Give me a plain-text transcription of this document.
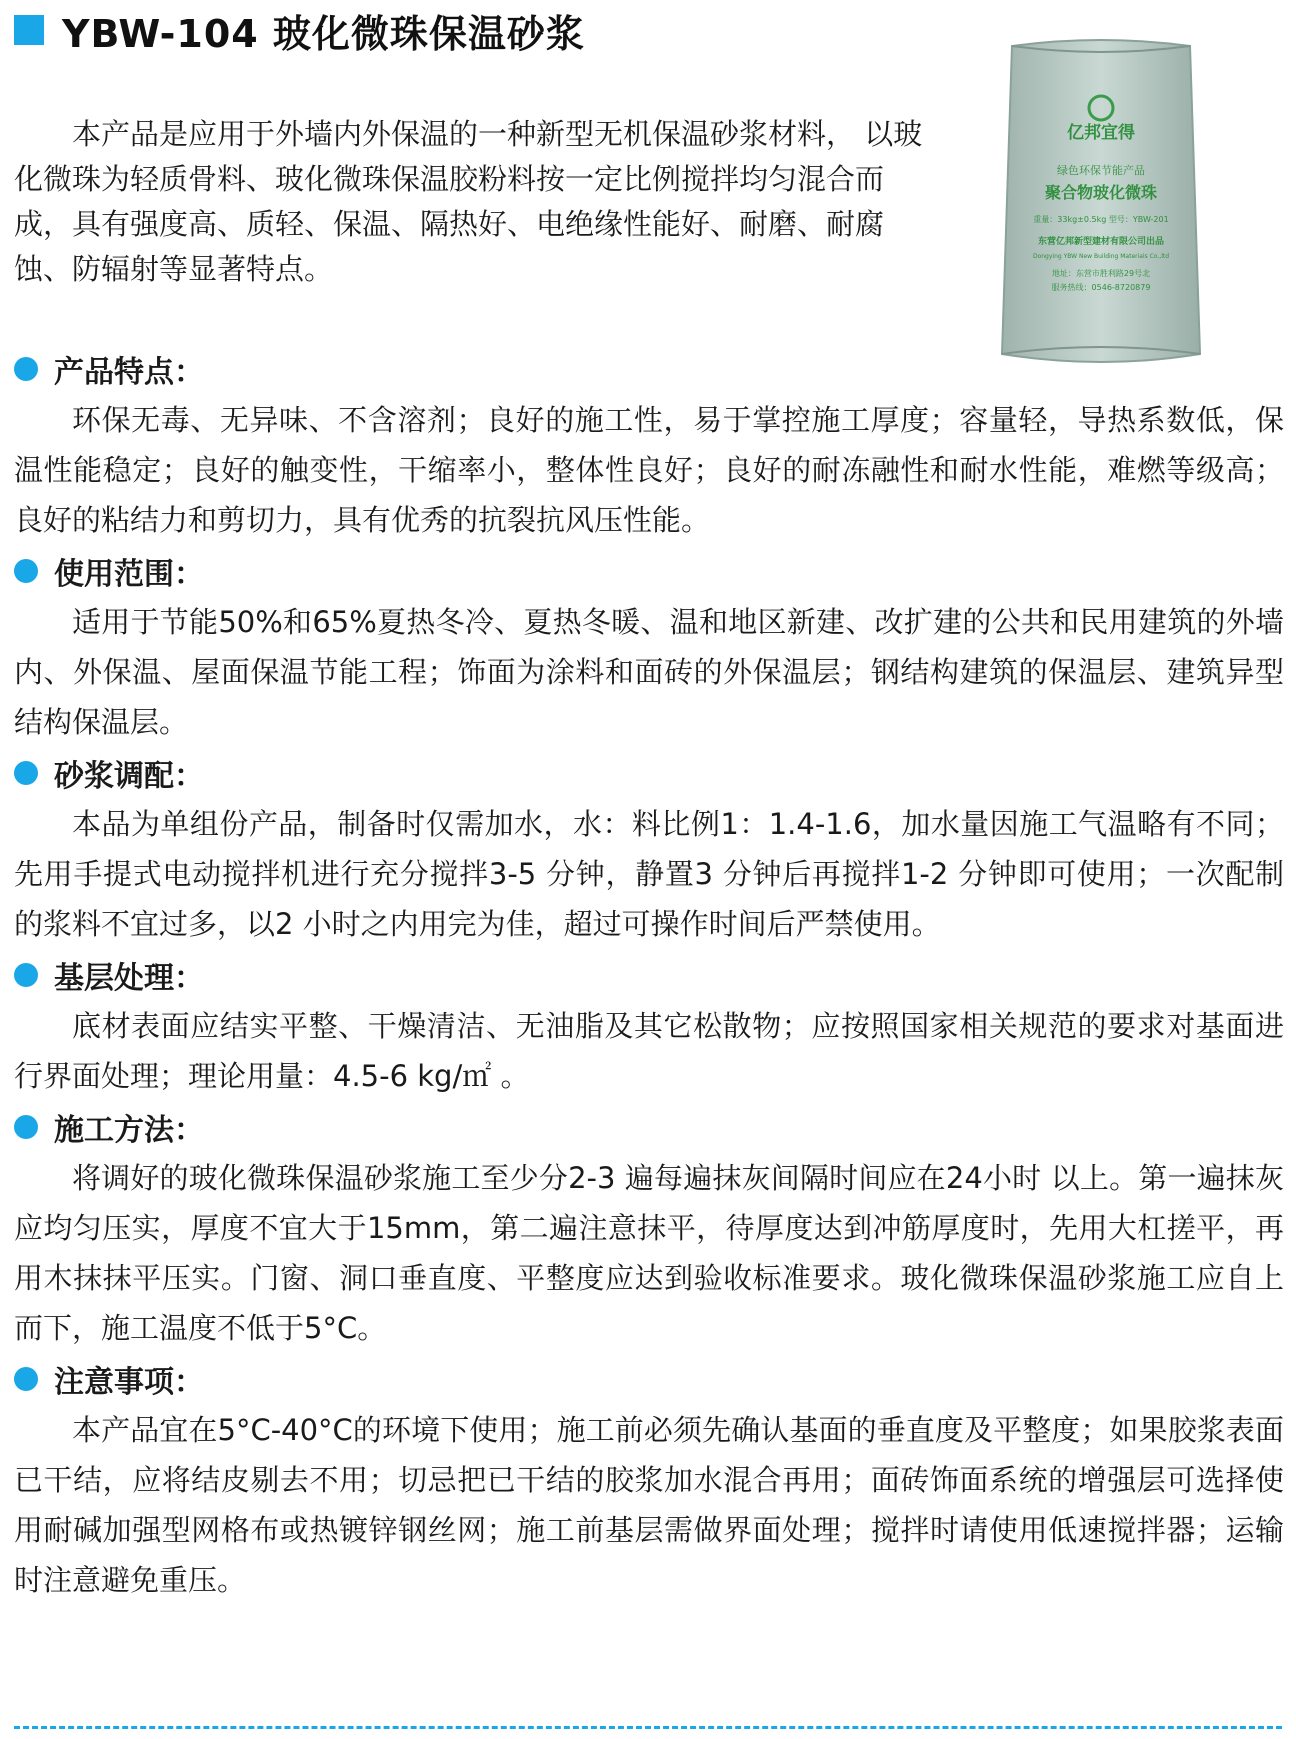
YBW-104 玻化微珠保温砂浆

本产品是应用于外墙内外保温的一种新型无机保温砂浆材料， 以玻化微珠为轻质骨料、玻化微珠保温胶粉料按一定比例搅拌均匀混合而成，具有强度高、质轻、保温、隔热好、电绝缘性能好、耐磨、耐腐蚀、防辐射等显著特点。

亿邦宜得
绿色环保节能产品
聚合物玻化微珠
重量：33kg±0.5kg 型号：YBW-201
东营亿邦新型建材有限公司出品
Dongying YBW New Building Materials Co.,ltd
地址：东营市胜利路29号北
服务热线：0546-8720879
产品特点：

环保无毒、无异味、不含溶剂；良好的施工性，易于掌控施工厚度；容量轻，导热系数低，保温性能稳定；良好的触变性，干缩率小，整体性良好；良好的耐冻融性和耐水性能，难燃等级高；良好的粘结力和剪切力，具有优秀的抗裂抗风压性能。

使用范围：

适用于节能50%和65%夏热冬冷、夏热冬暖、温和地区新建、改扩建的公共和民用建筑的外墙内、外保温、屋面保温节能工程；饰面为涂料和面砖的外保温层；钢结构建筑的保温层、建筑异型结构保温层。

砂浆调配：

本品为单组份产品，制备时仅需加水，水：料比例1：1.4-1.6，加水量因施工气温略有不同；先用手提式电动搅拌机进行充分搅拌3-5 分钟，静置3 分钟后再搅拌1-2 分钟即可使用；一次配制的浆料不宜过多，以2 小时之内用完为佳，超过可操作时间后严禁使用。

基层处理：

底材表面应结实平整、干燥清洁、无油脂及其它松散物；应按照国家相关规范的要求对基面进行界面处理；理论用量：4.5-6 kg/㎡ 。

施工方法：

将调好的玻化微珠保温砂浆施工至少分2-3 遍每遍抹灰间隔时间应在24小时 以上。第一遍抹灰应均匀压实，厚度不宜大于15mm，第二遍注意抹平，待厚度达到冲筋厚度时，先用大杠搓平，再用木抹抹平压实。门窗、洞口垂直度、平整度应达到验收标准要求。玻化微珠保温砂浆施工应自上而下，施工温度不低于5°C。

注意事项：

本产品宜在5°C-40°C的环境下使用；施工前必须先确认基面的垂直度及平整度；如果胶浆表面已干结，应将结皮剔去不用；切忌把已干结的胶浆加水混合再用；面砖饰面系统的增强层可选择使用耐碱加强型网格布或热镀锌钢丝网；施工前基层需做界面处理；搅拌时请使用低速搅拌器；运输时注意避免重压。
